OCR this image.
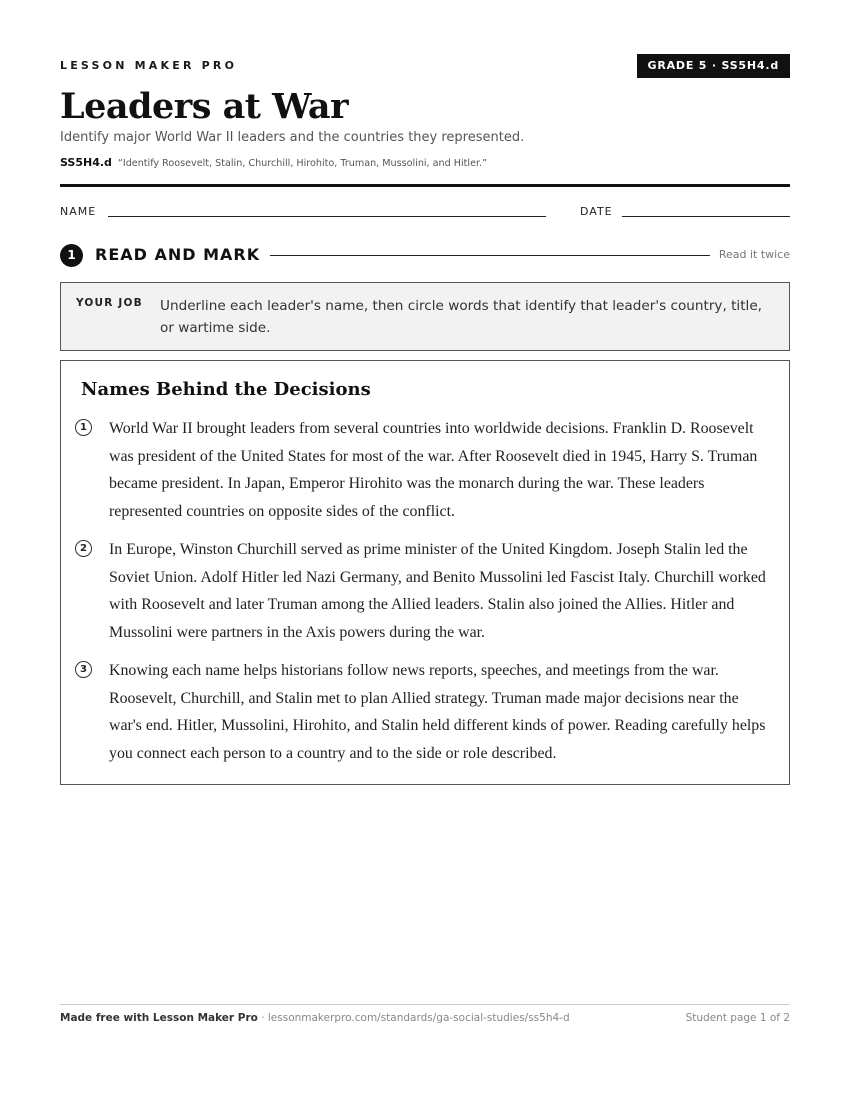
LESSON MAKER PRO	GRADE 5 · SS5H4.d
Leaders at War
Identify major World War II leaders and the countries they represented.
SS5H4.d “Identify Roosevelt, Stalin, Churchill, Hirohito, Truman, Mussolini, and Hitler.”
NAME	DATE
1	READ AND MARK	Read it twice
YOUR JOB Underline each leader's name, then circle words that identify that leader's country, title, or wartime side.
Names Behind the Decisions
1	World War II brought leaders from several countries into worldwide decisions. Franklin D. Roosevelt was president of the United States for most of the war. After Roosevelt died in 1945, Harry S. Truman became president. In Japan, Emperor Hirohito was the monarch during the war. These leaders represented countries on opposite sides of the conflict.

2	In Europe, Winston Churchill served as prime minister of the United Kingdom. Joseph Stalin led the Soviet Union. Adolf Hitler led Nazi Germany, and Benito Mussolini led Fascist Italy. Churchill worked with Roosevelt and later Truman among the Allied leaders. Stalin also joined the Allies. Hitler and Mussolini were partners in the Axis powers during the war.

3	Knowing each name helps historians follow news reports, speeches, and meetings from the war. Roosevelt, Churchill, and Stalin met to plan Allied strategy. Truman made major decisions near the war's end. Hitler, Mussolini, Hirohito, and Stalin held different kinds of power. Reading carefully helps you connect each person to a country and to the side or role described.

Made free with Lesson Maker Pro · lessonmakerpro.com/standards/ga-social-studies/ss5h4-d	Student page 1 of 2
